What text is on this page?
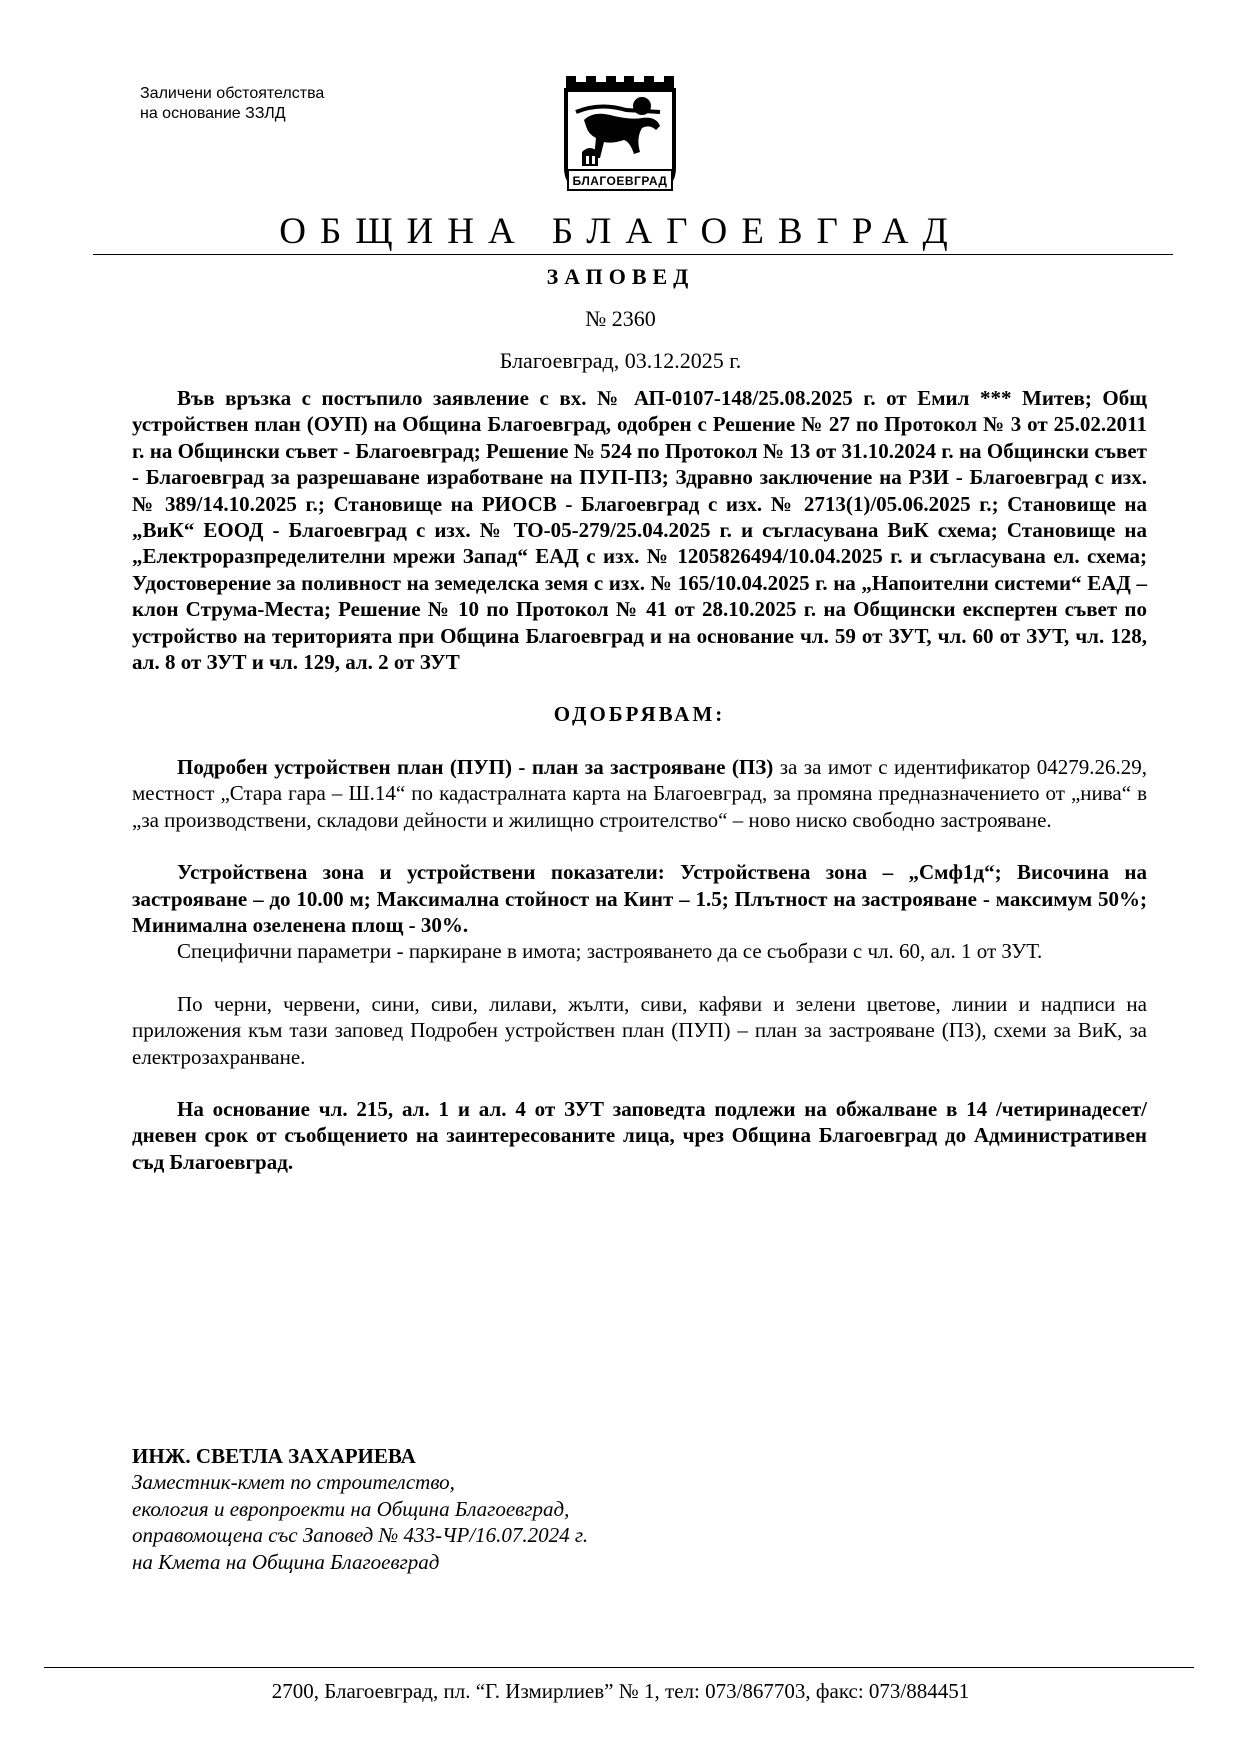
Заличени обстоятелства
на основание ЗЗЛД
БЛАГОЕВГРАД
ОБЩИНА БЛАГОЕВГРАД
ЗАПОВЕД
№ 2360
Благоевград, 03.12.2025 г.

Във връзка с постъпило заявление с вх. № АП-0107-148/25.08.2025 г. от Емил *** Митев; Общ устройствен план (ОУП) на Община Благоевград, одобрен с Решение № 27 по Протокол № 3 от 25.02.2011 г. на Общински съвет - Благоевград; Решение № 524 по Протокол № 13 от 31.10.2024 г. на Общински съвет - Благоевград за разрешаване изработване на ПУП-ПЗ; Здравно заключение на РЗИ - Благоевград с изх. № 389/14.10.2025 г.; Становище на РИОСВ - Благоевград с изх. № 2713(1)/05.06.2025 г.; Становище на „ВиК“ ЕООД - Благоевград с изх. № ТО-05-279/25.04.2025 г. и съгласувана ВиК схема; Становище на „Електроразпределителни мрежи Запад“ ЕАД с изх. № 1205826494/10.04.2025 г. и съгласувана ел. схема; Удостоверение за поливност на земеделска земя с изх. № 165/10.04.2025 г. на „Напоителни системи“ ЕАД – клон Струма-Места; Решение № 10 по Протокол № 41 от 28.10.2025 г. на Общински експертен съвет по устройство на територията при Община Благоевград и на основание чл. 59 от ЗУТ, чл. 60 от ЗУТ, чл. 128, ал. 8 от ЗУТ и чл. 129, ал. 2 от ЗУТ

ОДОБРЯВАМ:

Подробен устройствен план (ПУП) - план за застрояване (ПЗ) за за имот с идентификатор 04279.26.29, местност „Стара гара – Ш.14“ по кадастралната карта на Благоевград, за промяна предназначението от „нива“ в „за производствени, складови дейности и жилищно строителство“ – ново ниско свободно застрояване.

Устройствена зона и устройствени показатели: Устройствена зона – „Смф1д“; Височина на застрояване – до 10.00 м; Максимална стойност на Кинт – 1.5; Плътност на застрояване - максимум 50%; Минимална озеленена площ - 30%.

Специфични параметри - паркиране в имота; застрояването да се съобрази с чл. 60, ал. 1 от ЗУТ.

По черни, червени, сини, сиви, лилави, жълти, сиви, кафяви и зелени цветове, линии и надписи на приложения към тази заповед Подробен устройствен план (ПУП) – план за застрояване (ПЗ), схеми за ВиК, за електрозахранване.

На основание чл. 215, ал. 1 и ал. 4 от ЗУТ заповедта подлежи на обжалване в 14 /четиринадесет/ дневен срок от съобщението на заинтересованите лица, чрез Община Благоевград до Административен съд Благоевград.

ИНЖ. СВЕТЛА ЗАХАРИЕВА
Заместник-кмет по строителство,
екология и европроекти на Община Благоевград,
оправомощена със Заповед № 433-ЧР/16.07.2024 г.
на Кмета на Община Благоевград
2700, Благоевград, пл. “Г. Измирлиев” № 1, тел: 073/867703, факс: 073/884451
